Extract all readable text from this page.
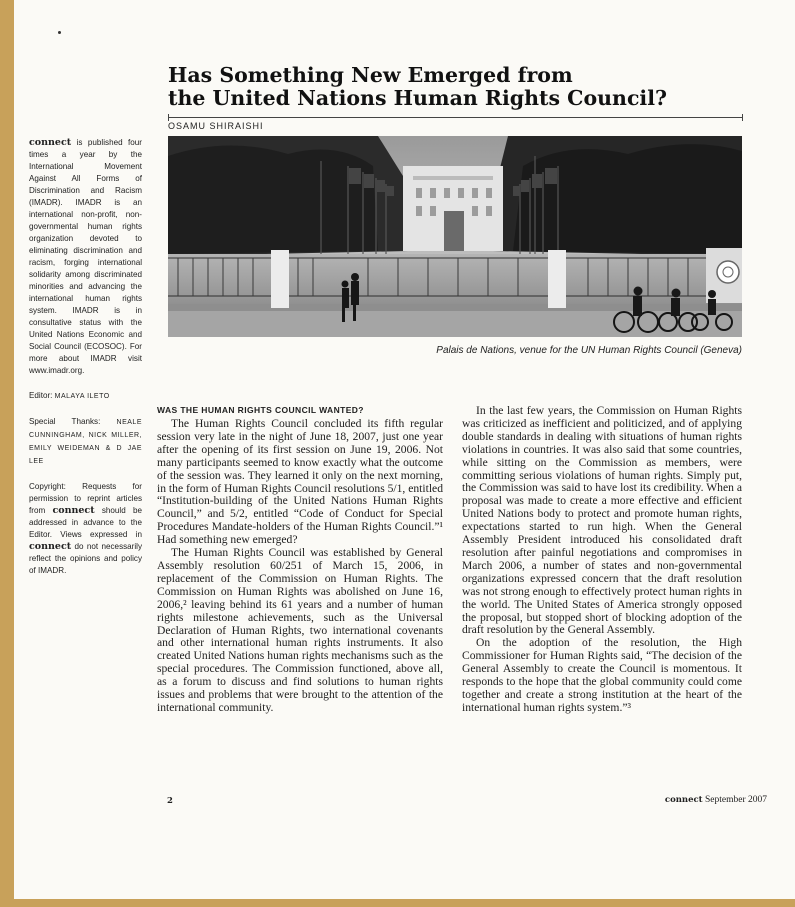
Has Something New Emerged from
the United Nations Human Rights Council?
OSAMU SHIRAISHI
Palais de Nations, venue for the UN Human Rights Council (Geneva)

connect is published four times a year by the International Movement Against All Forms of Discrimination and Racism (IMADR). IMADR is an international non-profit, non-governmental human rights organization devoted to eliminating discrimination and racism, forging international solidarity among discriminated minorities and advancing the international human rights system. IMADR is in consultative status with the United Nations Economic and Social Council (ECOSOC). For more about IMADR visit www.imadr.org.

Editor: MALAYA ILETO

Special Thanks: NEALE CUNNINGHAM, NICK MILLER, EMILY WEIDEMAN & D JAE LEE

Copyright: Requests for permission to reprint articles from connect should be addressed in advance to the Editor. Views expressed in connect do not necessarily reflect the opinions and policy of IMADR.

WAS THE HUMAN RIGHTS COUNCIL WANTED?

The Human Rights Council concluded its fifth regular session very late in the night of June 18, 2007, just one year after the opening of its first session on June 19, 2006. Not many participants seemed to know exactly what the outcome of the session was. They learned it only on the next morning, in the form of Human Rights Council resolutions 5/1, entitled “Institution-building of the United Nations Human Rights Council,” and 5/2, entitled “Code of Conduct for Special Procedures Mandate-holders of the Human Rights Council.”¹ Had something new emerged?

The Human Rights Council was established by General Assembly resolution 60/251 of March 15, 2006, in replacement of the Commission on Human Rights. The Commission on Human Rights was abolished on June 16, 2006,² leaving behind its 61 years and a number of human rights milestone achievements, such as the Universal Declaration of Human Rights, two international covenants and other international human rights instruments. It also created United Nations human rights mechanisms such as the special procedures. The Commission functioned, above all, as a forum to discuss and find solutions to human rights issues and problems that were brought to the attention of the international community.

In the last few years, the Commission on Human Rights was criticized as inefficient and politicized, and of applying double standards in dealing with situations of human rights violations in countries. It was also said that some countries, while sitting on the Commission as members, were committing serious violations of human rights. Simply put, the Commission was said to have lost its credibility. When a proposal was made to create a more effective and efficient United Nations body to protect and promote human rights, expectations started to run high. When the General Assembly President introduced his consolidated draft resolution after painful negotiations and compromises in March 2006, a number of states and non-governmental organizations expressed concern that the draft resolution was not strong enough to effectively protect human rights in the world. The United States of America strongly opposed the proposal, but stopped short of blocking adoption of the draft resolution by the General Assembly.

On the adoption of the resolution, the High Commissioner for Human Rights said, “The decision of the General Assembly to create the Council is momentous. It responds to the hope that the global community could come together and create a strong institution at the heart of the international human rights system.”³

2	connect September 2007
